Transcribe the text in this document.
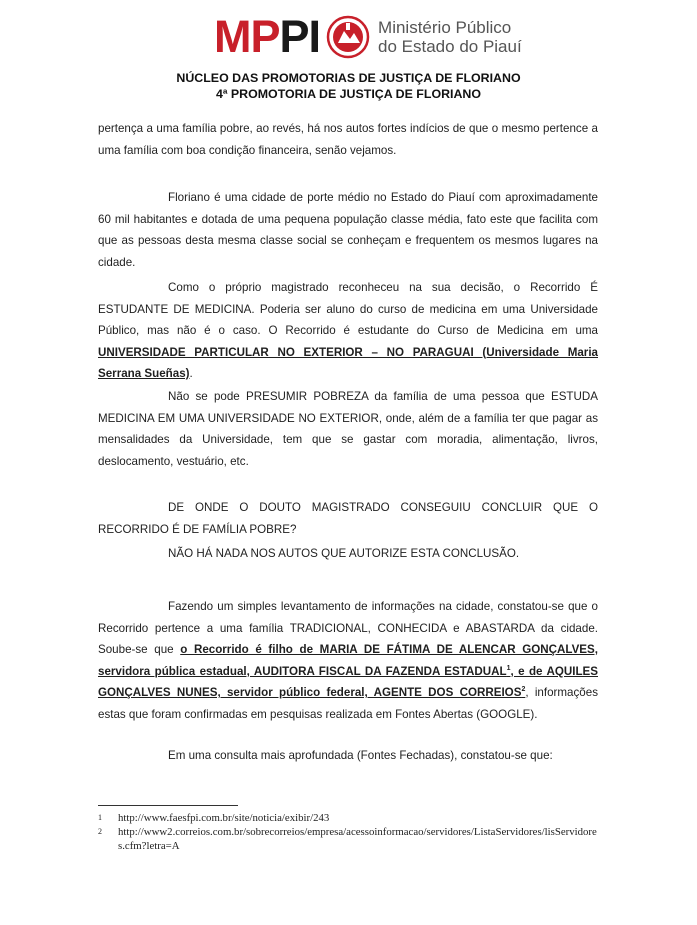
MPPI	Ministério Público
do Estado do Piauí
NÚCLEO DAS PROMOTORIAS DE JUSTIÇA DE FLORIANO
4ª PROMOTORIA DE JUSTIÇA DE FLORIANO

pertença a uma família pobre, ao revés, há nos autos fortes indícios de que o mesmo pertence a uma família com boa condição financeira, senão vejamos.

Floriano é uma cidade de porte médio no Estado do Piauí com aproximadamente 60 mil habitantes e dotada de uma pequena população classe média, fato este que facilita com que as pessoas desta mesma classe social se conheçam e frequentem os mesmos lugares na cidade.

Como o próprio magistrado reconheceu na sua decisão, o Recorrido É ESTUDANTE DE MEDICINA. Poderia ser aluno do curso de medicina em uma Universidade Público, mas não é o caso. O Recorrido é estudante do Curso de Medicina em uma UNIVERSIDADE PARTICULAR NO EXTERIOR – NO PARAGUAI (Universidade Maria Serrana Sueñas).

Não se pode PRESUMIR POBREZA da família de uma pessoa que ESTUDA MEDICINA EM UMA UNIVERSIDADE NO EXTERIOR, onde, além de a família ter que pagar as mensalidades da Universidade, tem que se gastar com moradia, alimentação, livros, deslocamento, vestuário, etc.

DE ONDE O DOUTO MAGISTRADO CONSEGUIU CONCLUIR QUE O RECORRIDO É DE FAMÍLIA POBRE?

NÃO HÁ NADA NOS AUTOS QUE AUTORIZE ESTA CONCLUSÃO.

Fazendo um simples levantamento de informações na cidade, constatou-se que o Recorrido pertence a uma família TRADICIONAL, CONHECIDA e ABASTARDA da cidade. Soube-se que o Recorrido é filho de MARIA DE FÁTIMA DE ALENCAR GONÇALVES, servidora pública estadual, AUDITORA FISCAL DA FAZENDA ESTADUAL$^1$, e de AQUILES GONÇALVES NUNES, servidor público federal, AGENTE DOS CORREIOS$^2$, informações estas que foram confirmadas em pesquisas realizada em Fontes Abertas (GOOGLE).

Em uma consulta mais aprofundada (Fontes Fechadas), constatou-se que:

1	http://www.faesfpi.com.br/site/noticia/exibir/243
2	http://www2.correios.com.br/sobrecorreios/empresa/acessoinformacao/servidores/ListaServidores/lisServidores.cfm?letra=A
